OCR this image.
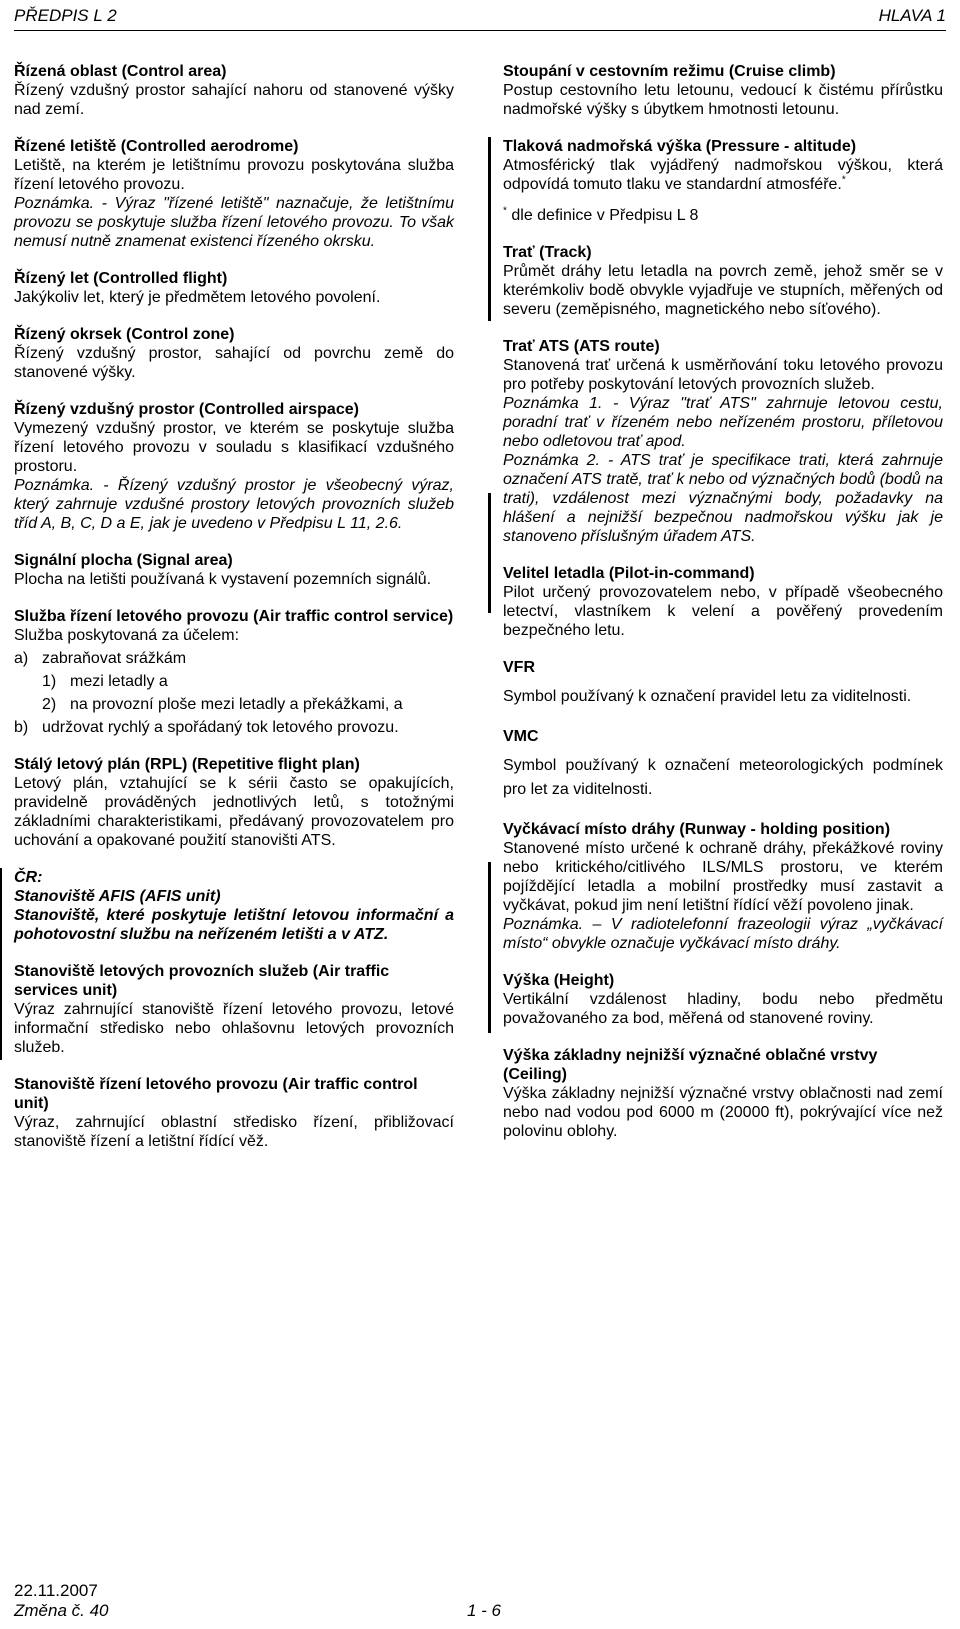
PŘEDPIS L 2	HLAVA 1
Řízená oblast (Control area)
Řízený vzdušný prostor sahající nahoru od stanovené výšky nad zemí.
Řízené letiště (Controlled aerodrome)
Letiště, na kterém je letištnímu provozu poskytována služba řízení letového provozu.
Poznámka. - Výraz "řízené letiště" naznačuje, že letištnímu provozu se poskytuje služba řízení letového provozu. To však nemusí nutně znamenat existenci řízeného okrsku.
Řízený let (Controlled flight)
Jakýkoliv let, který je předmětem letového povolení.
Řízený okrsek (Control zone)
Řízený vzdušný prostor, sahající od povrchu země do stanovené výšky.
Řízený vzdušný prostor (Controlled airspace)
Vymezený vzdušný prostor, ve kterém se poskytuje služba řízení letového provozu v souladu s klasifikací vzdušného prostoru.
Poznámka. - Řízený vzdušný prostor je všeobecný výraz, který zahrnuje vzdušné prostory letových provozních služeb tříd A, B, C, D a E, jak je uvedeno v Předpisu L 11, 2.6.
Signální plocha (Signal area)
Plocha na letišti používaná k vystavení pozemních signálů.
Služba řízení letového provozu (Air traffic control service)
Služba poskytovaná za účelem:
a) zabraňovat srážkám
1) mezi letadly a
2) na provozní ploše mezi letadly a překážkami, a
b) udržovat rychlý a spořádaný tok letového provozu.
Stálý letový plán (RPL) (Repetitive flight plan)
Letový plán, vztahující se k sérii často se opakujících, pravidelně prováděných jednotlivých letů, s totožnými základními charakteristikami, předávaný provozovatelem pro uchování a opakované použití stanovišti ATS.
ČR:
Stanoviště AFIS (AFIS unit)
Stanoviště, které poskytuje letištní letovou informační a pohotovostní službu na neřízeném letišti a v ATZ.
Stanoviště letových provozních služeb (Air traffic services unit)
Výraz zahrnující stanoviště řízení letového provozu, letové informační středisko nebo ohlašovnu letových provozních služeb.
Stanoviště řízení letového provozu (Air traffic control unit)
Výraz, zahrnující oblastní středisko řízení, přibližovací stanoviště řízení a letištní řídící věž.
Stoupání v cestovním režimu (Cruise climb)
Postup cestovního letu letounu, vedoucí k čistému přírůstku nadmořské výšky s úbytkem hmotnosti letounu.
Tlaková nadmořská výška (Pressure - altitude)
Atmosférický tlak vyjádřený nadmořskou výškou, která odpovídá tomuto tlaku ve standardní atmosféře.*
* dle definice v Předpisu L 8
Trať (Track)
Průmět dráhy letu letadla na povrch země, jehož směr se v kterémkoliv bodě obvykle vyjadřuje ve stupních, měřených od severu (zeměpisného, magnetického nebo síťového).
Trať ATS (ATS route)
Stanovená trať určená k usměrňování toku letového provozu pro potřeby poskytování letových provozních služeb.
Poznámka 1. - Výraz "trať ATS" zahrnuje letovou cestu, poradní trať v řízeném nebo neřízeném prostoru, příletovou nebo odletovou trať apod.
Poznámka 2. - ATS trať je specifikace trati, která zahrnuje označení ATS tratě, trať k nebo od význačných bodů (bodů na trati), vzdálenost mezi význačnými body, požadavky na hlášení a nejnižší bezpečnou nadmořskou výšku jak je stanoveno příslušným úřadem ATS.
Velitel letadla (Pilot-in-command)
Pilot určený provozovatelem nebo, v případě všeobecného letectví, vlastníkem k velení a pověřený provedením bezpečného letu.
VFR
Symbol používaný k označení pravidel letu za viditelnosti.
VMC
Symbol používaný k označení meteorologických podmínek pro let za viditelnosti.
Vyčkávací místo dráhy (Runway - holding position)
Stanovené místo určené k ochraně dráhy, překážkové roviny nebo kritického/citlivého ILS/MLS prostoru, ve kterém pojíždějící letadla a mobilní prostředky musí zastavit a vyčkávat, pokud jim není letištní řídící věží povoleno jinak.
Poznámka. – V radiotelefonní frazeologii výraz „vyčkávací místo“ obvykle označuje vyčkávací místo dráhy.
Výška (Height)
Vertikální vzdálenost hladiny, bodu nebo předmětu považovaného za bod, měřená od stanovené roviny.
Výška základny nejnižší význačné oblačné vrstvy (Ceiling)
Výška základny nejnižší význačné vrstvy oblačnosti nad zemí nebo nad vodou pod 6000 m (20000 ft), pokrývající více než polovinu oblohy.
22.11.2007
Změna č. 40	1 - 6
